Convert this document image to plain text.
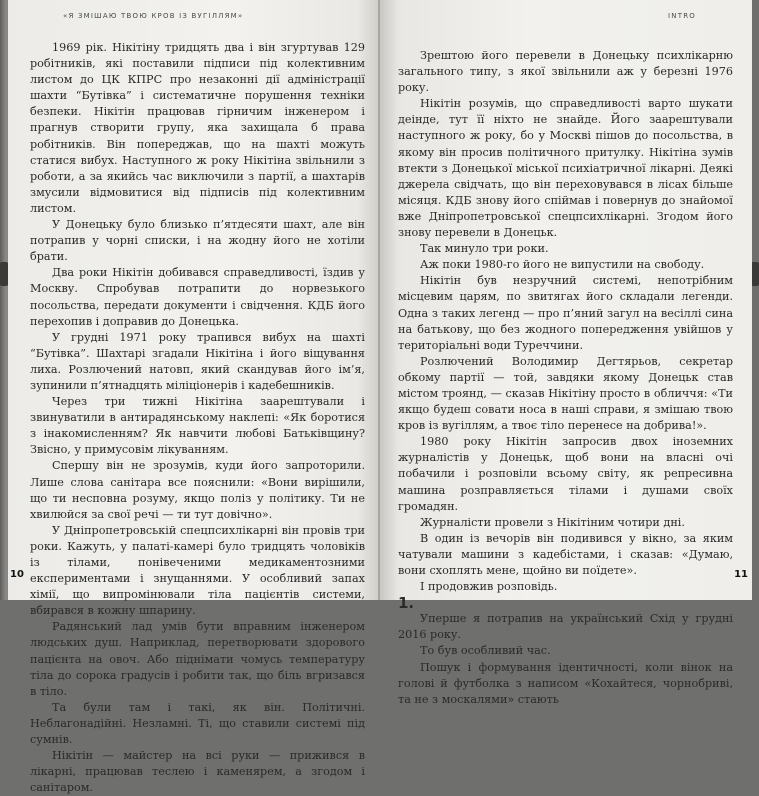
«Я ЗМІШАЮ ТВОЮ КРОВ ІЗ ВУГІЛЛЯМ»

1969 рік. Нікітіну тридцять два і він згуртував 129 робітників, які поставили підписи під колективним листом до ЦК КПРС про незаконні дії адміністрації шахти “Бутівка” і систематичне порушення техніки безпеки. Нікітін працював гірничим інженером і прагнув створити групу, яка захищала б права робітників. Він попереджав, що на шахті можуть статися вибух. Наступного ж року Нікітіна звільнили з роботи, а за якийсь час виключили з партії, а шахтарів змусили відмовитися від підписів під колективним листом.

У Донецьку було близько п’ятдесяти шахт, але він потрапив у чорні списки, і на жодну його не хотіли брати.

Два роки Нікітін добивався справедливості, їздив у Москву. Спробував потрапити до норвезького посольства, передати документи і свідчення. КДБ його перехопив і доправив до Донецька.

У грудні 1971 року трапився вибух на шахті “Бутівка”. Шахтарі згадали Нікітіна і його віщування лиха. Розлючений натовп, який скандував його ім’я, зупинили п’ятнадцять міліціонерів і кадебешників.

Через три тижні Нікітіна заарештували і звинуватили в антирадянському наклепі: «Як боротися з інакомисленням? Як навчити любові Батьківщину? Звісно, у примусовім лікуванням.

Спершу він не зрозумів, куди його запроторили. Лише слова санітара все пояснили: «Вони вирішили, що ти несповна розуму, якщо поліз у політику. Ти не хвилюйся за свої речі — ти тут довічно».

У Дніпропетровській спецпсихлікарні він провів три роки. Кажуть, у палаті-камері було тридцять чоловіків із тілами, понівеченими медикаментозними експериментами і знущаннями. У особливий запах хімії, що випромінювали тіла пацієнтів системи, вбирався в кожну шпарину.

Радянський лад умів бути вправним інженером людських душ. Наприклад, перетворювати здорового пацієнта на овоч. Або піднімати чомусь температуру тіла до сорока градусів і робити так, що біль вгризався в тіло.

Та були там і такі, як він. Політичні. Неблагонадійні. Незламні. Ті, що ставили системі під сумнів.

Нікітін — майстер на всі руки — прижився в лікарні, працював теслею і каменярем, а згодом і санітаром.

10
INTRO

Зрештою його перевели в Донецьку психлікарню загального типу, з якої звільнили аж у березні 1976 року.

Нікітін розумів, що справедливості варто шукати деінде, тут її ніхто не знайде. Його заарештували наступного ж року, бо у Москві пішов до посольства, в якому він просив політичного притулку. Нікітіна зумів втекти з Донецької міської психіатричної лікарні. Деякі джерела свідчать, що він переховувався в лісах більше місяця. КДБ знову його спіймав і повернув до знайомої вже Дніпропетровської спецпсихлікарні. Згодом його знову перевели в Донецьк.

Так минуло три роки.

Аж поки 1980-го його не випустили на свободу.

Нікітін був незручний системі, непотрібним місцевим царям, по звитягах його складали легенди. Одна з таких легенд — про п’яний загул на весіллі сина на батькову, що без жодного попередження увійшов у територіальні води Туреччини.

Розлючений Володимир Дегтярьов, секретар обкому партії — той, завдяки якому Донецьк став містом троянд, — сказав Нікітіну просто в обличчя: «Ти якщо будеш совати носа в наші справи, я змішаю твою кров із вугіллям, а твоє тіло перенесе на добрива!».

1980 року Нікітін запросив двох іноземних журналістів у Донецьк, щоб вони на власні очі побачили і розповіли всьому світу, як репресивна машина розправляється тілами і душами своїх громадян.

Журналісти провели з Нікітіним чотири дні.

В один із вечорів він подивився у вікно, за яким чатували машини з кадебістами, і сказав: «Думаю, вони схоплять мене, щойно ви поїдете».

І продовжив розповідь.

1.

Уперше я потрапив на український Схід у грудні 2016 року.

То був особливий час.

Пошук і формування ідентичності, коли вінок на голові й футболка з написом «Кохайтеся, чорнобриві, та не з москалями» стають

11
